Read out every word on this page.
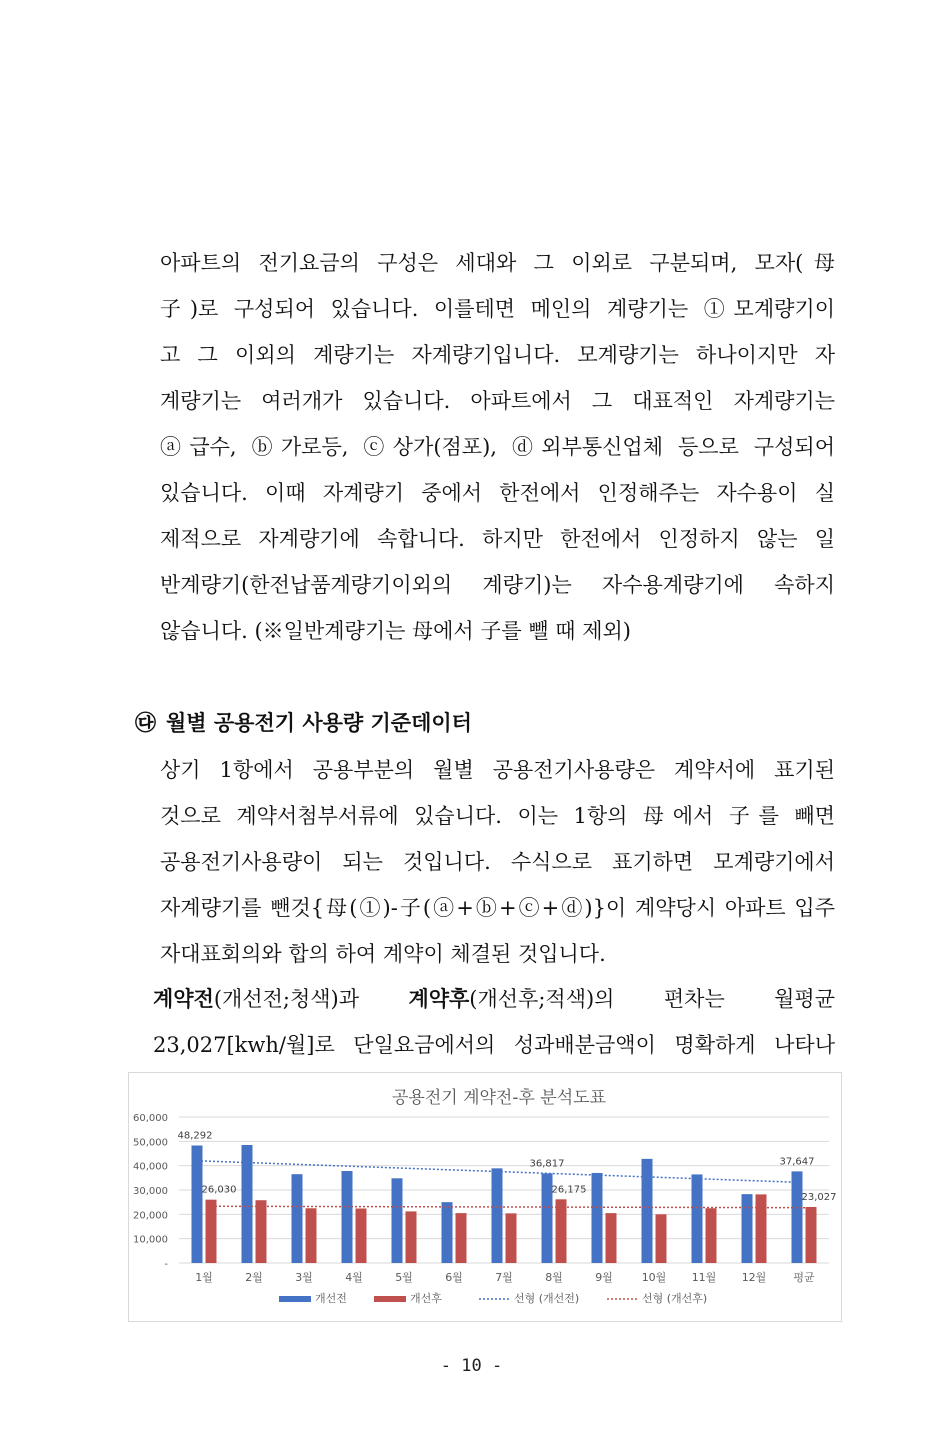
아파트의 전기요금의 구성은 세대와 그 이외로 구분되며, 모자(母
子)로 구성되어 있습니다. 이를테면 메인의 계량기는 ①모계량기이
고 그 이외의 계량기는 자계량기입니다. 모계량기는 하나이지만 자
계량기는 여러개가 있습니다. 아파트에서 그 대표적인 자계량기는
ⓐ급수, ⓑ가로등, ⓒ상가(점포), ⓓ외부통신업체 등으로 구성되어
있습니다. 이때 자계량기 중에서 한전에서 인정해주는 자수용이 실
제적으로 자계량기에 속합니다. 하지만 한전에서 인정하지 않는 일
반계량기(한전납품계량기이외의 계량기)는 자수용계량기에 속하지
않습니다. (※일반계량기는 母에서 子를 뺄 때 제외)
㉰ 월별 공용전기 사용량 기준데이터
상기 1항에서 공용부분의 월별 공용전기사용량은 계약서에 표기된
것으로 계약서첨부서류에 있습니다. 이는 1항의 母에서 子를 빼면
공용전기사용량이 되는 것입니다. 수식으로 표기하면 모계량기에서
자계량기를 뺀것{母(①)-子(ⓐ+ⓑ+ⓒ+ⓓ)}이 계약당시 아파트 입주
자대표회의와 합의 하여 계약이 체결된 것입니다.
계약전(개선전;청색)과 계약후(개선후;적색)의 편차는 월평균
23,027[kwh/월]로 단일요금에서의 성과배분금액이 명확하게 나타나
공용전기 계약전-후 분석도표
60,000
50,000
40,000
30,000
20,000
10,000
-
1월	2월	3월	4월	5월	6월	7월	8월	9월	10월 11월 12월 평균
48,292
26,030
36,817
26,175
37,647
23,027
개선전	개선후	선형 (개선전)	선형 (개선후)
- 10 -
